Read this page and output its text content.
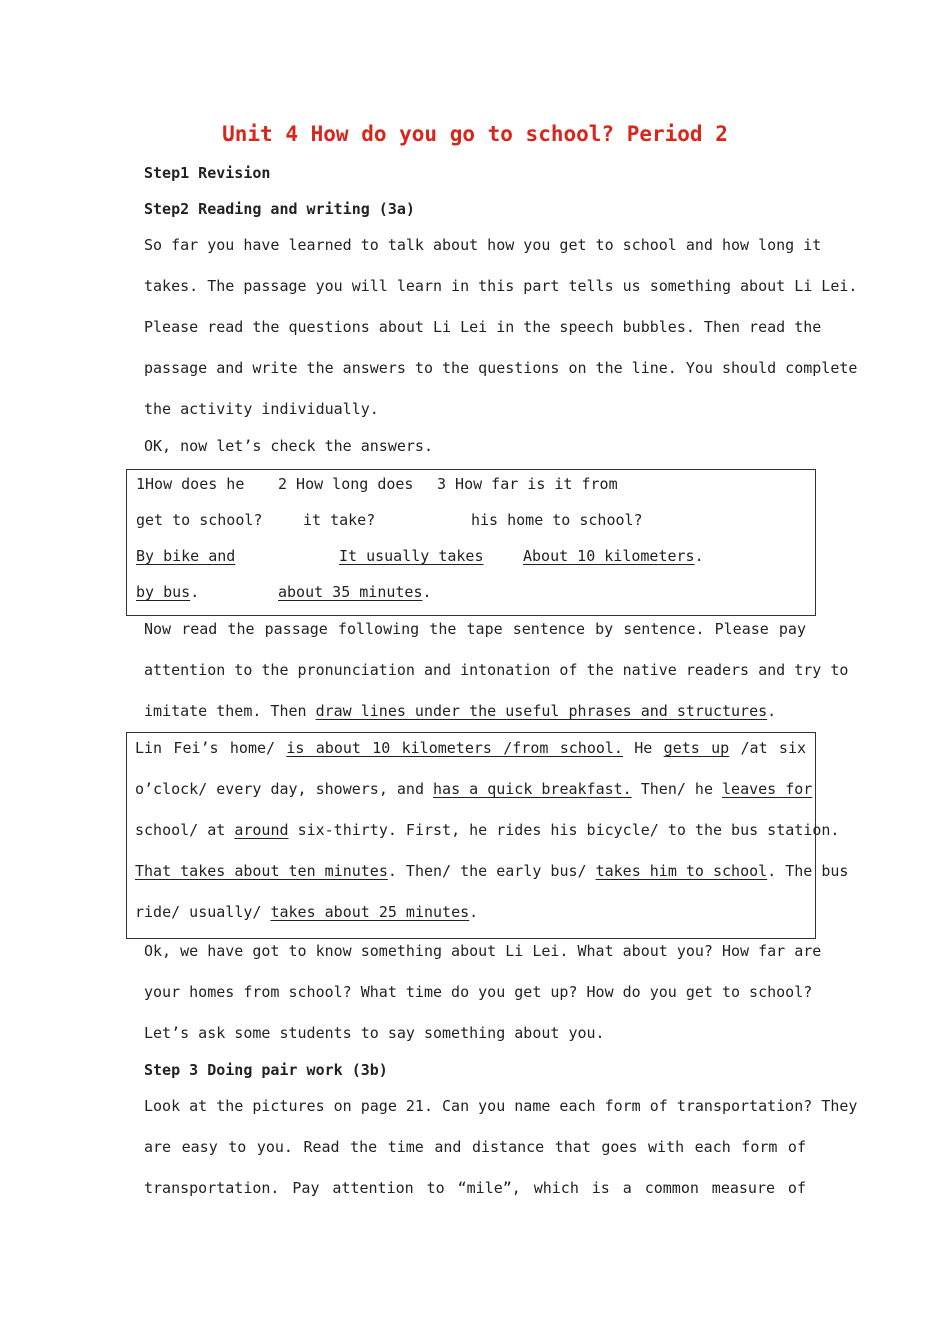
Unit 4 How do you go to school? Period 2
Step1 Revision
Step2 Reading and writing (3a)
So far you have learned to talk about how you get to school and how long it
takes. The passage you will learn in this part tells us something about Li Lei.
Please read the questions about Li Lei in the speech bubbles. Then read the
passage and write the answers to the questions on the line. You should complete
the activity individually.
OK, now let’s check the answers.
1How does he
get to school?
2 How long does
it take?
3 How far is it from
his home to school?
By bike and
by bus.
It usually takes
about 35 minutes.
About 10 kilometers.
Now read the passage following the tape sentence by sentence. Please pay
attention to the pronunciation and intonation of the native readers and try to
imitate them. Then draw lines under the useful phrases and structures.
Lin Fei’s home/ is about 10 kilometers /from school. He gets up /at six
o’clock/ every day, showers, and has a quick breakfast. Then/ he leaves for
school/ at around six-thirty. First, he rides his bicycle/ to the bus station.
That takes about ten minutes. Then/ the early bus/ takes him to school. The bus
ride/ usually/ takes about 25 minutes.
Ok, we have got to know something about Li Lei. What about you? How far are
your homes from school? What time do you get up? How do you get to school?
Let’s ask some students to say something about you.
Step 3 Doing pair work (3b)
Look at the pictures on page 21. Can you name each form of transportation? They
are easy to you. Read the time and distance that goes with each form of
transportation. Pay attention to “mile”, which is a common measure of
